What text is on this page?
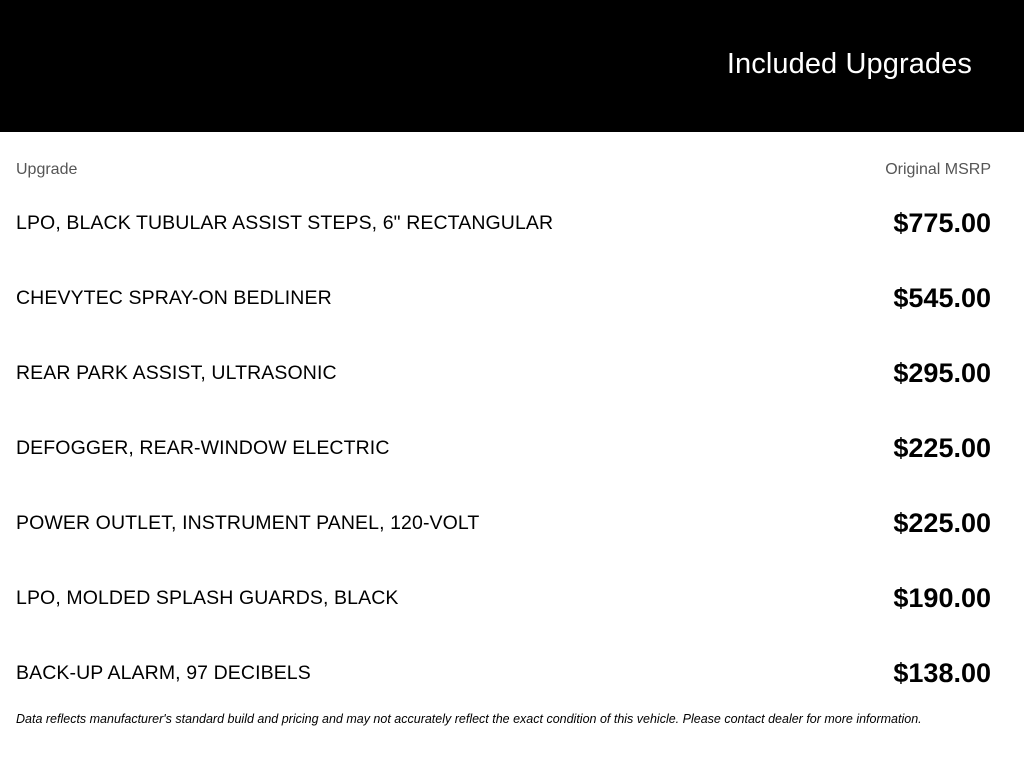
Included Upgrades
Upgrade	Original MSRP
LPO, BLACK TUBULAR ASSIST STEPS, 6" RECTANGULAR	$775.00
CHEVYTEC SPRAY-ON BEDLINER	$545.00
REAR PARK ASSIST, ULTRASONIC	$295.00
DEFOGGER, REAR-WINDOW ELECTRIC	$225.00
POWER OUTLET, INSTRUMENT PANEL, 120-VOLT	$225.00
LPO, MOLDED SPLASH GUARDS, BLACK	$190.00
BACK-UP ALARM, 97 DECIBELS	$138.00

Data reflects manufacturer's standard build and pricing and may not accurately reflect the exact condition of this vehicle. Please contact dealer for more information.
